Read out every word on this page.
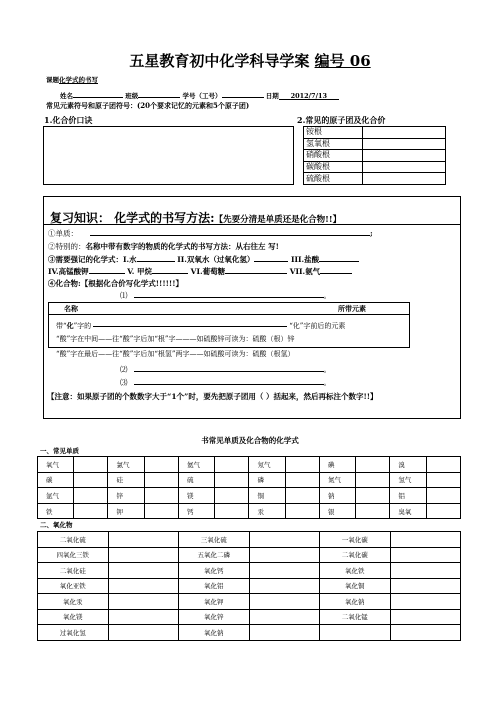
五星教育初中化学科导学案 编号 06
课题化学式的书写
姓名	班级	学号（工号）	日期 2012/7/13
常见元素符号和原子团符号：(20个要求记忆的元素和5个原子团)
1.化合价口诀	2.常见的原子团及化合价
铵根	
氢氧根	
硝酸根	
碳酸根	
硫酸根	
复习知识： 化学式的书写方法:【先要分清是单质还是化合物!!】
①单质：	;
②特别的：名称中带有数字的物质的化学式的书写方法：从右往左 写!
③需要强记的化学式：I.水	II.双氧水（过氧化氢）	III.盐酸
IV.高锰酸钾	V. 甲烷	VI.葡萄糖	VII.氨气
④化合物:【根据化合价写化学式!!!!!!】
⑴	。
名称	所带元素
带“化”字的	“化”字前后的元素
“酸”字在中间——往“酸”字后加“根”字———如硫酸锌可读为：硫酸（根）锌
“酸”字在最后——往“酸”字后加“根氢”两字——如硫酸可读为：硫酸（根氢）
⑵	。
⑶	。
【注意：如果原子团的个数数字大于“1个”时，要先把原子团用（ ）括起来，然后再标注个数字!!】
书常见单质及化合物的化学式
一、常见单质
氧气		氯气		氦气		氖气		碘		溴	
碳		硅		硫		磷		氮气		氢气	
氩气		锌		镁		铜		钠		铝	
铁		钾		钙		汞		银		臭氧	
二、氧化物
二氧化硫		三氧化硫		一氧化碳	
四氧化三铁		五氧化二磷		二氧化碳	
二氧化硅		氧化钙		氧化铁	
氧化亚铁		氧化铝		氧化铜	
氧化汞		氧化钾		氧化钠	
氧化镁		氧化锌		二氧化锰	
过氧化氢		氧化钠			
